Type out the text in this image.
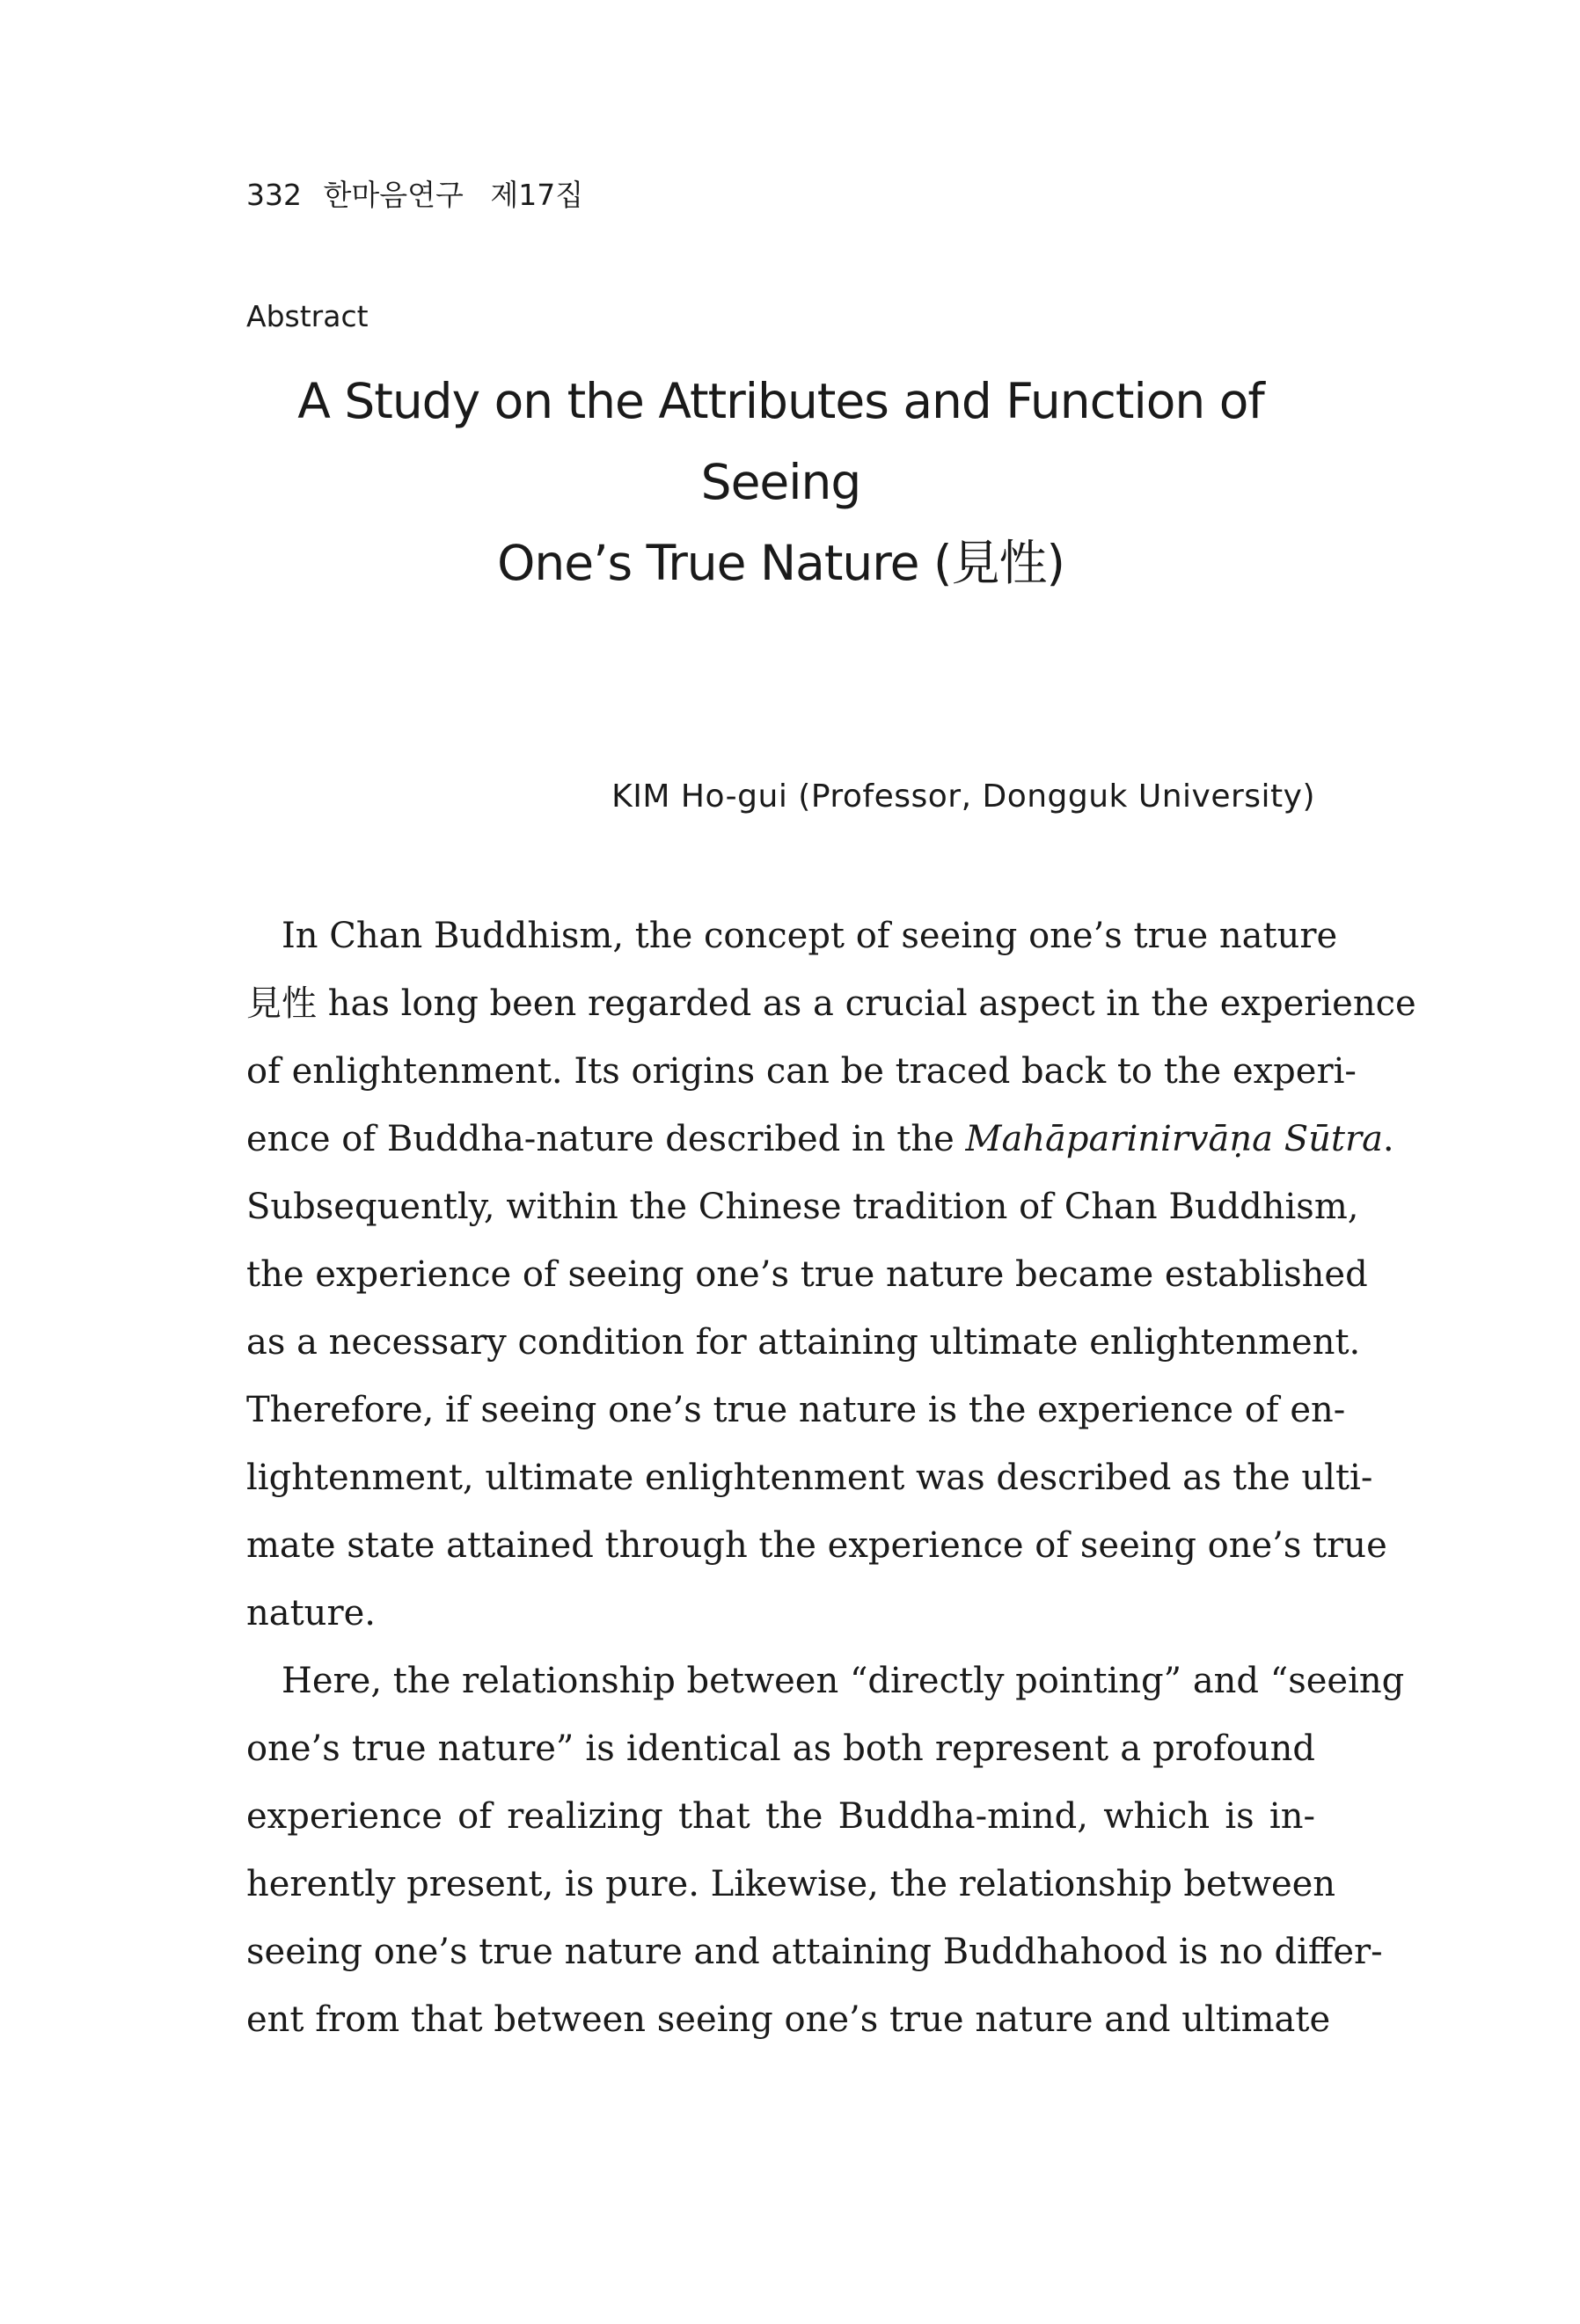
332 한마음연구 제17집
Abstract
A Study on the Attributes and Function of Seeing
One’s True Nature (見性)
KIM Ho-gui (Professor, Dongguk University)
In Chan Buddhism, the concept of seeing one’s true nature
見性 has long been regarded as a crucial aspect in the experience
of enlightenment. Its origins can be traced back to the experi-
ence of Buddha-nature described in the Mahāparinirvāṇa Sūtra.
Subsequently, within the Chinese tradition of Chan Buddhism,
the experience of seeing one’s true nature became established
as a necessary condition for attaining ultimate enlightenment.
Therefore, if seeing one’s true nature is the experience of en-
lightenment, ultimate enlightenment was described as the ulti-
mate state attained through the experience of seeing one’s true
nature.
Here, the relationship between “directly pointing” and “seeing
one’s true nature” is identical as both represent a profound
experience of realizing that the Buddha-mind, which is in-
herently present, is pure. Likewise, the relationship between
seeing one’s true nature and attaining Buddhahood is no differ-
ent from that between seeing one’s true nature and ultimate
